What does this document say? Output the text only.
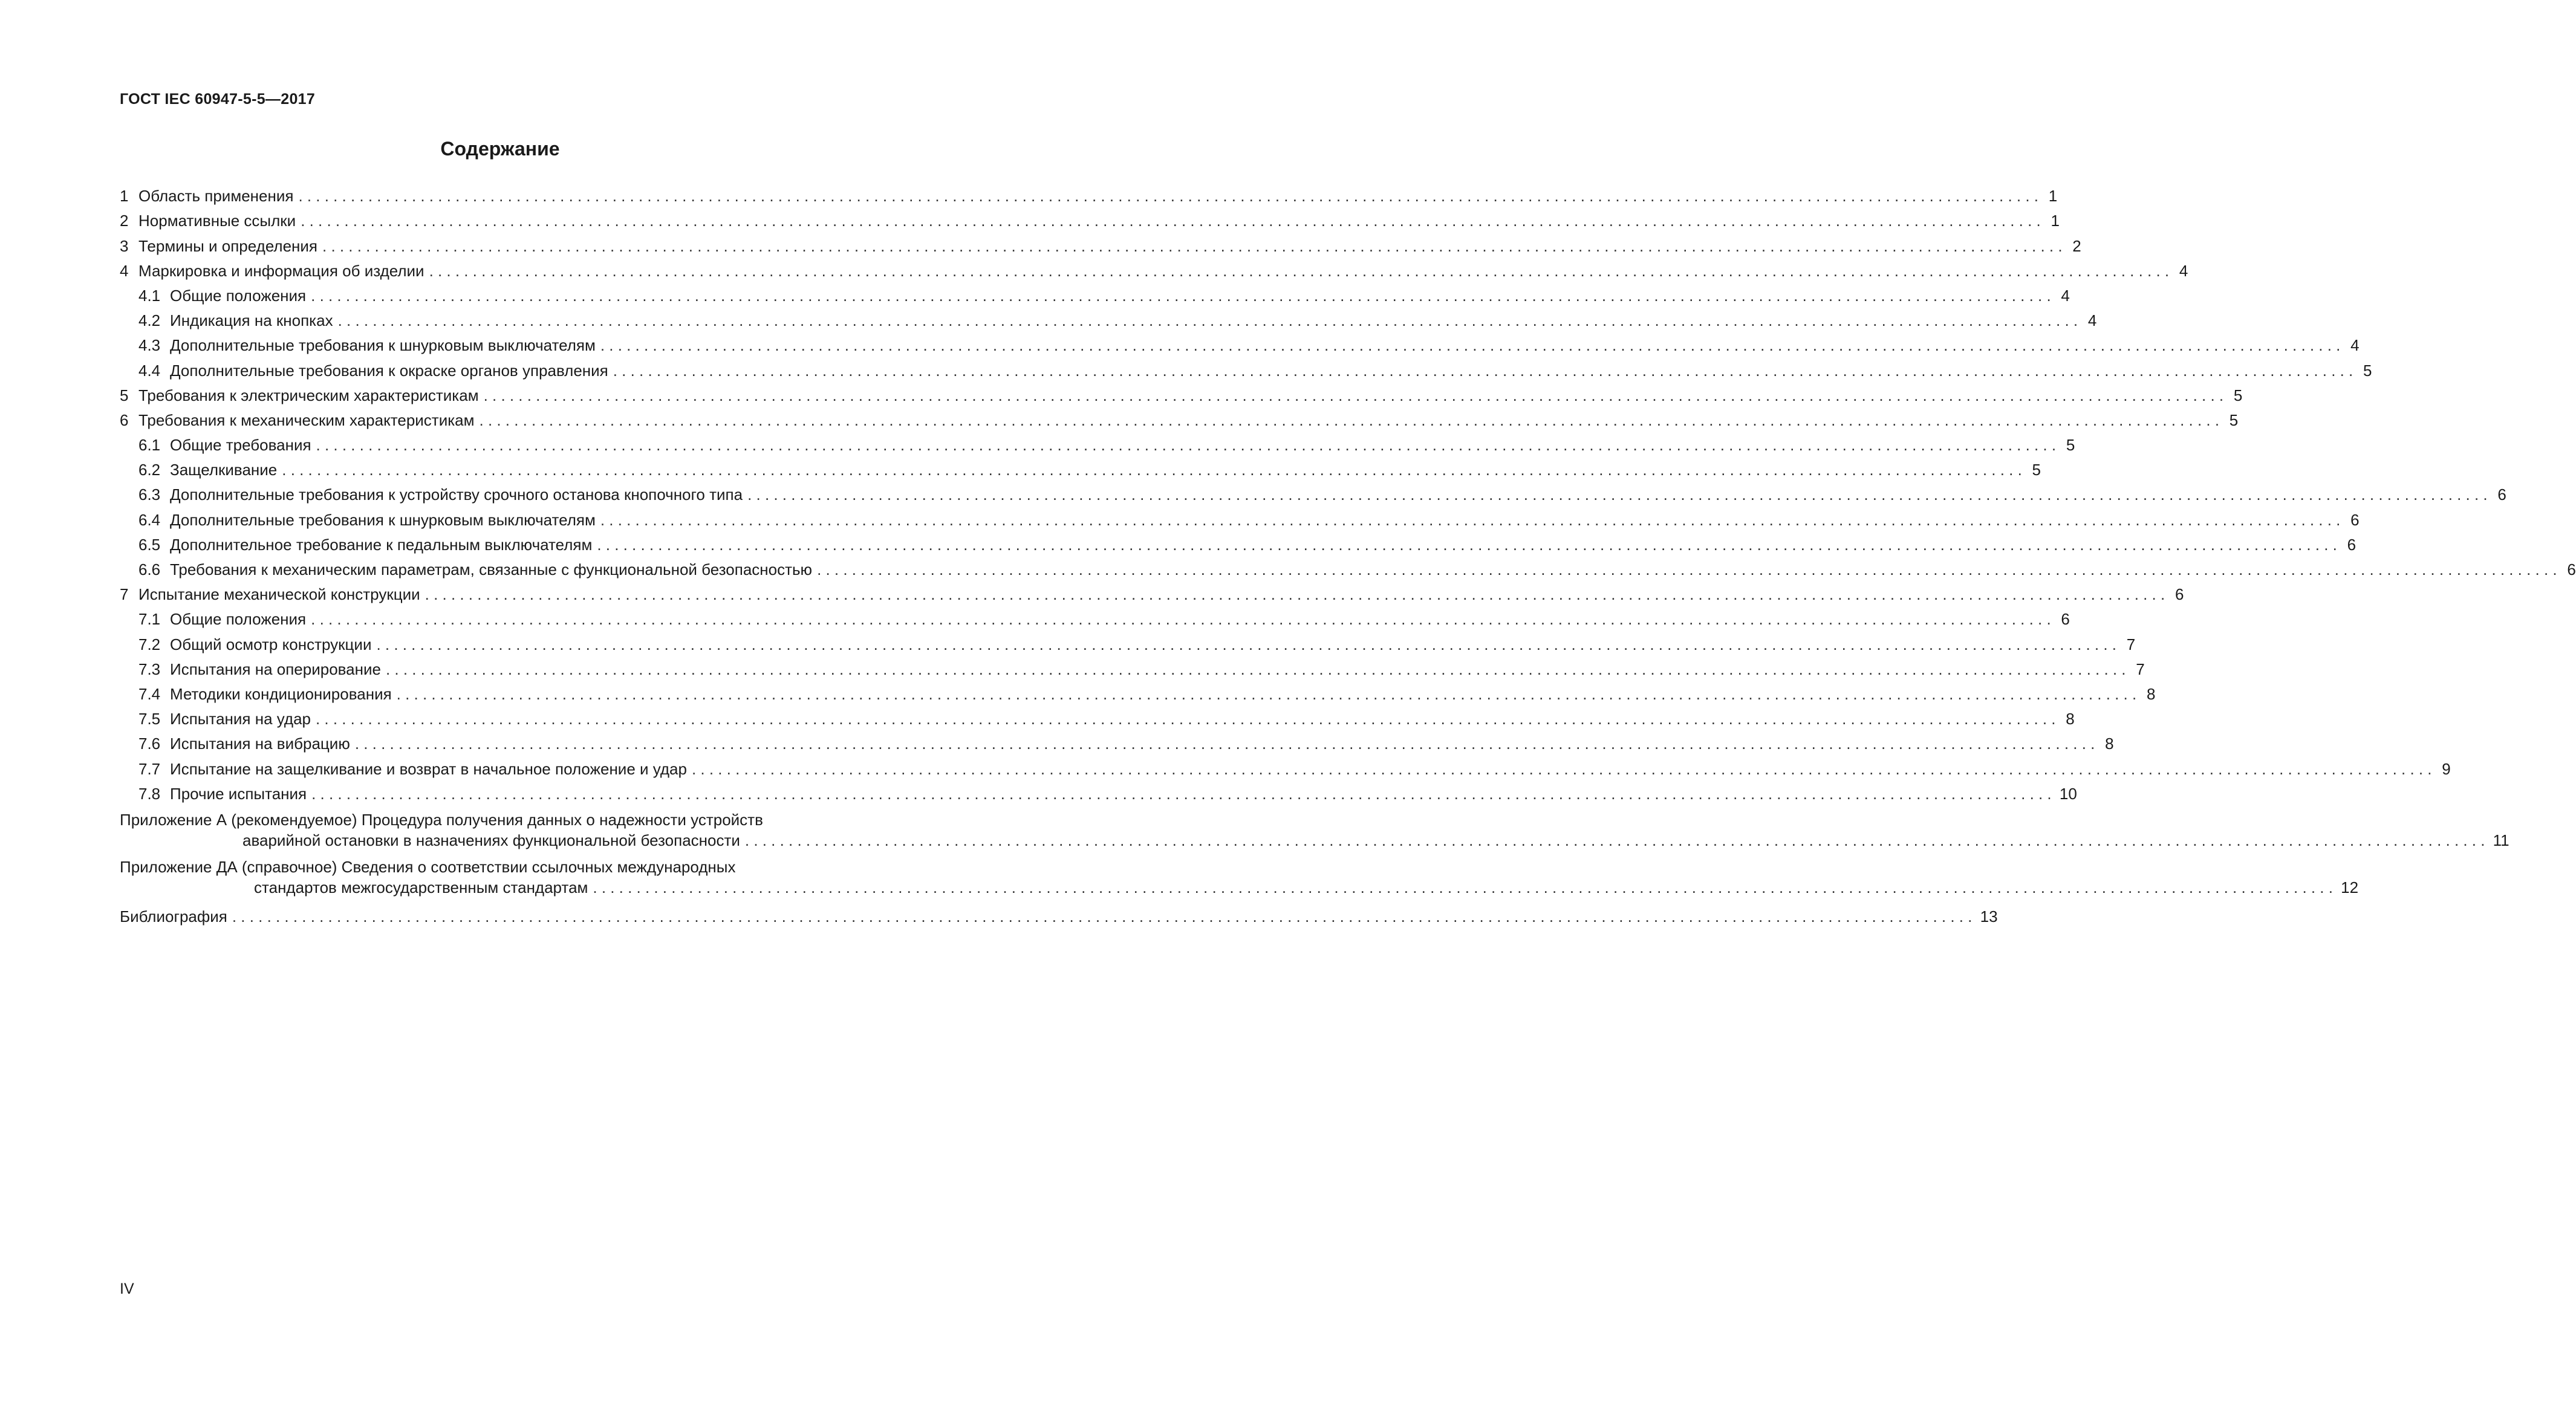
ГОСТ IEC 60947-5-5—2017
Содержание
1 Область применения ........................................................................................................................................................................................................ 1
2 Нормативные ссылки ........................................................................................................................................................................................................ 1
3 Термины и определения ........................................................................................................................................................................................................ 2
4 Маркировка и информация об изделии ........................................................................................................................................................................................................ 4
4.1 Общие положения ........................................................................................................................................................................................................ 4
4.2 Индикация на кнопках ........................................................................................................................................................................................................ 4
4.3 Дополнительные требования к шнурковым выключателям ........................................................................................................................................................................................................ 4
4.4 Дополнительные требования к окраске органов управления ........................................................................................................................................................................................................ 5
5 Требования к электрическим характеристикам ........................................................................................................................................................................................................ 5
6 Требования к механическим характеристикам ........................................................................................................................................................................................................ 5
6.1 Общие требования ........................................................................................................................................................................................................ 5
6.2 Защелкивание ........................................................................................................................................................................................................ 5
6.3 Дополнительные требования к устройству срочного останова кнопочного типа ........................................................................................................................................................................................................ 6
6.4 Дополнительные требования к шнурковым выключателям ........................................................................................................................................................................................................ 6
6.5 Дополнительное требование к педальным выключателям ........................................................................................................................................................................................................ 6
6.6 Требования к механическим параметрам, связанные с функциональной безопасностью ........................................................................................................................................................................................................ 6
7 Испытание механической конструкции ........................................................................................................................................................................................................ 6
7.1 Общие положения ........................................................................................................................................................................................................ 6
7.2 Общий осмотр конструкции ........................................................................................................................................................................................................ 7
7.3 Испытания на оперирование ........................................................................................................................................................................................................ 7
7.4 Методики кондиционирования ........................................................................................................................................................................................................ 8
7.5 Испытания на удар ........................................................................................................................................................................................................ 8
7.6 Испытания на вибрацию ........................................................................................................................................................................................................ 8
7.7 Испытание на защелкивание и возврат в начальное положение и удар ........................................................................................................................................................................................................ 9
7.8 Прочие испытания ........................................................................................................................................................................................................ 10
Приложение А (рекомендуемое) Процедура получения данных о надежности устройств
аварийной остановки в назначениях функциональной безопасности ........................................................................................................................................................................................................ 11
Приложение ДА (справочное) Сведения о соответствии ссылочных международных
стандартов межгосударственным стандартам ........................................................................................................................................................................................................ 12
Библиография ........................................................................................................................................................................................................ 13
IV
